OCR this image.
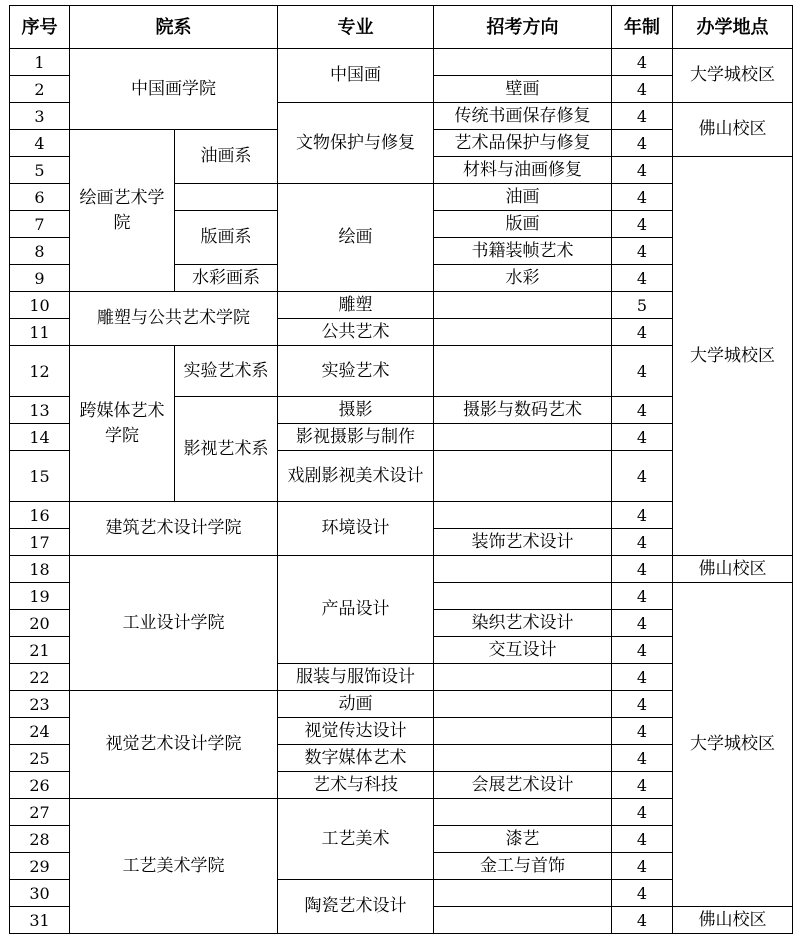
序号	院系		专业	招考方向	年制	办学地点
1	中国画学院		中国画		4	大学城校区
2				壁画	4	
3			文物保护与修复	传统书画保存修复	4	佛山校区
4	绘画艺术学院	油画系		艺术品保护与修复	4	
5				材料与油画修复	4	大学城校区
6			绘画	油画	4	
7		版画系		版画	4	
8				书籍装帧艺术	4	
9		水彩画系		水彩	4	
10	雕塑与公共艺术学院		雕塑		5	
11			公共艺术		4	
12	跨媒体艺术学院	实验艺术系	实验艺术		4	
13		影视艺术系	摄影	摄影与数码艺术	4	
14			影视摄影与制作		4	
15			戏剧影视美术设计		4	
16	建筑艺术设计学院		环境设计		4	
17				装饰艺术设计	4	
18	工业设计学院		产品设计		4	佛山校区
19					4	大学城校区
20				染织艺术设计	4	
21				交互设计	4	
22			服装与服饰设计		4	
23	视觉艺术设计学院		动画		4	
24			视觉传达设计		4	
25			数字媒体艺术		4	
26			艺术与科技	会展艺术设计	4	
27	工艺美术学院		工艺美术		4	
28				漆艺	4	
29				金工与首饰	4	
30			陶瓷艺术设计		4	
31					4	佛山校区
